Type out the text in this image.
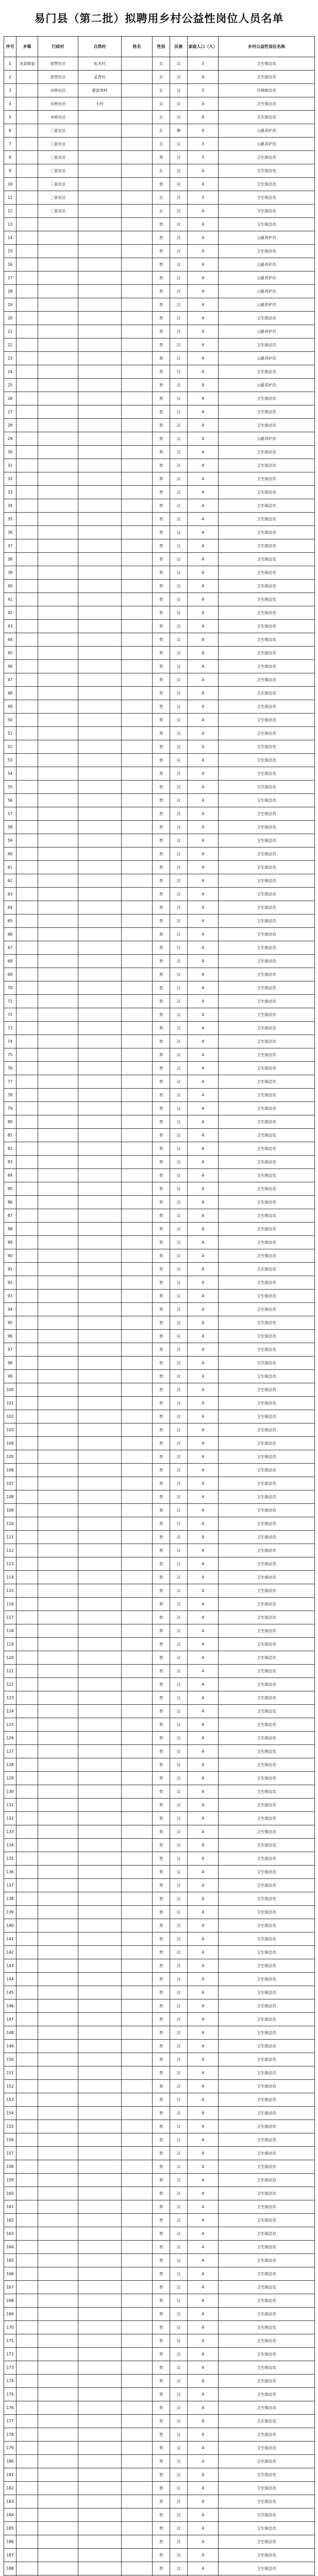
易门县（第二批）拟聘用乡村公益性岗位人员名单
序号	乡镇	行政村	自然村	姓名	性别	民族	家庭人口（人）	乡村公益性岗位名称
1	龙泉街道	青营社区	松米村		女	汉	3	卫生保洁员
2		青营社区	孟营村		女	汉	4	卫生保洁员
3		水桥社区	夏家坝村		女	汉	3	环境保洁员
4		水桥社区	小村		女	汉	4	卫生保洁员
5		水桥社区			女	汉	4	卫生保洁员
6		三家社区			女	彝	4	公路养护员
7		三家社区			女	汉	3	公路养护员
8		三家社区			男	汉	3	卫生保洁员
9		三家社区			女	汉	4	卫生保洁员
10		三家社区			男	汉	4	卫生保洁员
11		三家社区			女	汉	3	卫生保洁员
12		三家社区			女	汉	4	卫生保洁员
13					男	汉	4	卫生保洁员
14					男	汉	4	公路养护员
15					男	汉	4	卫生保洁员
16					男	汉	4	公路养护员
17					男	汉	4	公路养护员
18					男	汉	4	公路养护员
19					男	汉	4	公路养护员
20					男	汉	4	卫生保洁员
21					男	汉	4	公路养护员
22					男	汉	4	卫生保洁员
23					男	汉	4	公路养护员
24					男	汉	4	卫生保洁员
25					男	汉	4	公路养护员
26					男	汉	4	卫生保洁员
27					男	汉	4	卫生保洁员
28					男	汉	4	卫生保洁员
29					男	汉	4	公路养护员
30					男	汉	4	卫生保洁员
31					男	汉	4	卫生保洁员
32					男	汉	4	卫生保洁员
33					男	汉	4	卫生保洁员
34					男	汉	4	卫生保洁员
35					男	汉	4	卫生保洁员
36					男	汉	4	卫生保洁员
37					男	汉	4	卫生保洁员
38					男	汉	4	卫生保洁员
39					男	汉	4	卫生保洁员
40					男	汉	4	卫生保洁员
41					男	汉	4	卫生保洁员
42					男	汉	4	卫生保洁员
43					男	汉	4	卫生保洁员
44					男	汉	4	卫生保洁员
45					男	汉	4	卫生保洁员
46					男	汉	4	卫生保洁员
47					男	汉	4	卫生保洁员
48					男	汉	4	卫生保洁员
49					男	汉	4	卫生保洁员
50					男	汉	4	卫生保洁员
51					男	汉	4	卫生保洁员
52					男	汉	4	卫生保洁员
53					男	汉	4	卫生保洁员
54					男	汉	4	卫生保洁员
55					男	汉	4	卫生保洁员
56					男	汉	4	卫生保洁员
57					男	汉	4	卫生保洁员
58					男	汉	4	卫生保洁员
59					男	汉	4	卫生保洁员
60					男	汉	4	卫生保洁员
61					男	汉	4	卫生保洁员
62					男	汉	4	卫生保洁员
63					男	汉	4	卫生保洁员
64					男	汉	4	卫生保洁员
65					男	汉	4	卫生保洁员
66					男	汉	4	卫生保洁员
67					男	汉	4	卫生保洁员
68					男	汉	4	卫生保洁员
69					男	汉	4	卫生保洁员
70					男	汉	4	卫生保洁员
71					男	汉	4	卫生保洁员
72					男	汉	4	卫生保洁员
73					男	汉	4	卫生保洁员
74					男	汉	4	卫生保洁员
75					男	汉	4	卫生保洁员
76					男	汉	4	卫生保洁员
77					男	汉	4	卫生保洁员
78					男	汉	4	卫生保洁员
79					男	汉	4	卫生保洁员
80					男	汉	4	卫生保洁员
81					男	汉	4	卫生保洁员
82					男	汉	4	卫生保洁员
83					男	汉	4	卫生保洁员
84					男	汉	4	卫生保洁员
85					男	汉	4	卫生保洁员
86					男	汉	4	卫生保洁员
87					男	汉	4	卫生保洁员
88					男	汉	4	卫生保洁员
89					男	汉	4	卫生保洁员
90					男	汉	4	卫生保洁员
91					男	汉	4	卫生保洁员
92					男	汉	4	卫生保洁员
93					男	汉	4	卫生保洁员
94					男	汉	4	卫生保洁员
95					男	汉	4	卫生保洁员
96					男	汉	4	卫生保洁员
97					男	汉	4	卫生保洁员
98					男	汉	4	卫生保洁员
99					男	汉	4	卫生保洁员
100					男	汉	4	卫生保洁员
101					男	汉	4	卫生保洁员
102					男	汉	4	卫生保洁员
103					男	汉	4	卫生保洁员
104					男	汉	4	卫生保洁员
105					男	汉	4	卫生保洁员
106					男	汉	4	卫生保洁员
107					男	汉	4	卫生保洁员
108					男	汉	4	卫生保洁员
109					男	汉	4	卫生保洁员
110					男	汉	4	卫生保洁员
111					男	汉	4	卫生保洁员
112					男	汉	4	卫生保洁员
113					男	汉	4	卫生保洁员
114					男	汉	4	卫生保洁员
115					男	汉	4	卫生保洁员
116					男	汉	4	卫生保洁员
117					男	汉	4	卫生保洁员
118					男	汉	4	卫生保洁员
119					男	汉	4	卫生保洁员
120					男	汉	4	卫生保洁员
121					男	汉	4	卫生保洁员
122					男	汉	4	卫生保洁员
123					男	汉	4	卫生保洁员
124					男	汉	4	卫生保洁员
125					男	汉	4	卫生保洁员
126					男	汉	4	卫生保洁员
127					男	汉	4	卫生保洁员
128					男	汉	4	卫生保洁员
129					男	汉	4	卫生保洁员
130					男	汉	4	卫生保洁员
131					男	汉	4	卫生保洁员
132					男	汉	4	卫生保洁员
133					男	汉	4	卫生保洁员
134					男	汉	4	卫生保洁员
135					男	汉	4	卫生保洁员
136					男	汉	4	卫生保洁员
137					男	汉	4	卫生保洁员
138					男	汉	4	卫生保洁员
139					男	汉	4	卫生保洁员
140					男	汉	4	卫生保洁员
141					男	汉	4	卫生保洁员
142					男	汉	4	卫生保洁员
143					男	汉	4	卫生保洁员
144					男	汉	4	卫生保洁员
145					男	汉	4	卫生保洁员
146					男	汉	4	卫生保洁员
147					男	汉	4	卫生保洁员
148					男	汉	4	卫生保洁员
149					男	汉	4	卫生保洁员
150					男	汉	4	卫生保洁员
151					男	汉	4	卫生保洁员
152					男	汉	4	卫生保洁员
153					男	汉	4	卫生保洁员
154					男	汉	4	卫生保洁员
155					男	汉	4	卫生保洁员
156					男	汉	4	卫生保洁员
157					男	汉	4	卫生保洁员
158					男	汉	4	卫生保洁员
159					男	汉	4	卫生保洁员
160					男	汉	4	卫生保洁员
161					男	汉	4	卫生保洁员
162					男	汉	4	卫生保洁员
163					男	汉	4	卫生保洁员
164					男	汉	4	卫生保洁员
165					男	汉	4	卫生保洁员
166					男	汉	4	卫生保洁员
167					男	汉	4	卫生保洁员
168					男	汉	4	卫生保洁员
169					男	汉	4	卫生保洁员
170					男	汉	4	卫生保洁员
171					男	汉	4	卫生保洁员
172					男	汉	4	卫生保洁员
173					男	汉	4	卫生保洁员
174					男	汉	4	卫生保洁员
175					男	汉	4	卫生保洁员
176					男	汉	4	卫生保洁员
177					男	汉	4	卫生保洁员
178					男	汉	4	卫生保洁员
179					男	汉	4	卫生保洁员
180					男	汉	4	卫生保洁员
181					男	汉	4	卫生保洁员
182					男	汉	4	卫生保洁员
183					男	汉	4	卫生保洁员
184					男	汉	4	卫生保洁员
185					男	汉	4	卫生保洁员
186					男	汉	4	卫生保洁员
187					男	汉	4	卫生保洁员
188					男	汉	4	卫生保洁员
